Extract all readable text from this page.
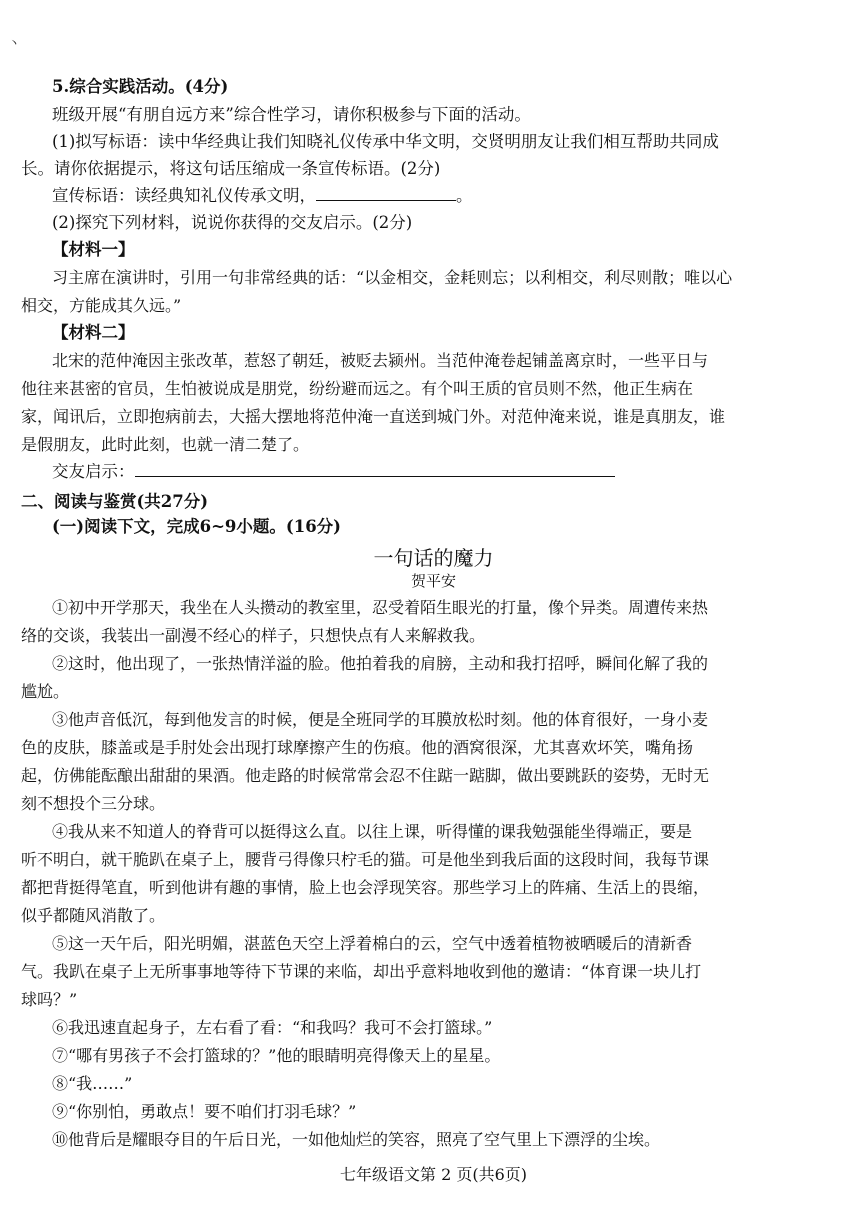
丶
5.综合实践活动。(4分)
班级开展“有朋自远方来”综合性学习，请你积极参与下面的活动。
(1)拟写标语：读中华经典让我们知晓礼仪传承中华文明，交贤明朋友让我们相互帮助共同成
长。请你依据提示，将这句话压缩成一条宣传标语。(2分)
宣传标语：读经典知礼仪传承文明，	。
(2)探究下列材料，说说你获得的交友启示。(2分)
【材料一】
习主席在演讲时，引用一句非常经典的话：“以金相交，金耗则忘；以利相交，利尽则散；唯以心
相交，方能成其久远。”
【材料二】
北宋的范仲淹因主张改革，惹怒了朝廷，被贬去颍州。当范仲淹卷起铺盖离京时，一些平日与
他往来甚密的官员，生怕被说成是朋党，纷纷避而远之。有个叫王质的官员则不然，他正生病在
家，闻讯后，立即抱病前去，大摇大摆地将范仲淹一直送到城门外。对范仲淹来说，谁是真朋友，谁
是假朋友，此时此刻，也就一清二楚了。
交友启示：
二、阅读与鉴赏(共27分)
(一)阅读下文，完成6~9小题。(16分)
一句话的魔力
贺平安
①初中开学那天，我坐在人头攒动的教室里，忍受着陌生眼光的打量，像个异类。周遭传来热
络的交谈，我装出一副漫不经心的样子，只想快点有人来解救我。
②这时，他出现了，一张热情洋溢的脸。他拍着我的肩膀，主动和我打招呼，瞬间化解了我的
尴尬。
③他声音低沉，每到他发言的时候，便是全班同学的耳膜放松时刻。他的体育很好，一身小麦
色的皮肤，膝盖或是手肘处会出现打球摩擦产生的伤痕。他的酒窝很深，尤其喜欢坏笑，嘴角扬
起，仿佛能酝酿出甜甜的果酒。他走路的时候常常会忍不住踮一踮脚，做出要跳跃的姿势，无时无
刻不想投个三分球。
④我从来不知道人的脊背可以挺得这么直。以往上课，听得懂的课我勉强能坐得端正，要是
听不明白，就干脆趴在桌子上，腰背弓得像只柠毛的猫。可是他坐到我后面的这段时间，我每节课
都把背挺得笔直，听到他讲有趣的事情，脸上也会浮现笑容。那些学习上的阵痛、生活上的畏缩，
似乎都随风消散了。
⑤这一天午后，阳光明媚，湛蓝色天空上浮着棉白的云，空气中透着植物被晒暖后的清新香
气。我趴在桌子上无所事事地等待下节课的来临，却出乎意料地收到他的邀请：“体育课一块儿打
球吗？”
⑥我迅速直起身子，左右看了看：“和我吗？我可不会打篮球。”
⑦“哪有男孩子不会打篮球的？”他的眼睛明亮得像天上的星星。
⑧“我……”
⑨“你别怕，勇敢点！要不咱们打羽毛球？”
⑩他背后是耀眼夺目的午后日光，一如他灿烂的笑容，照亮了空气里上下漂浮的尘埃。
七年级语文第 2 页(共6页)
